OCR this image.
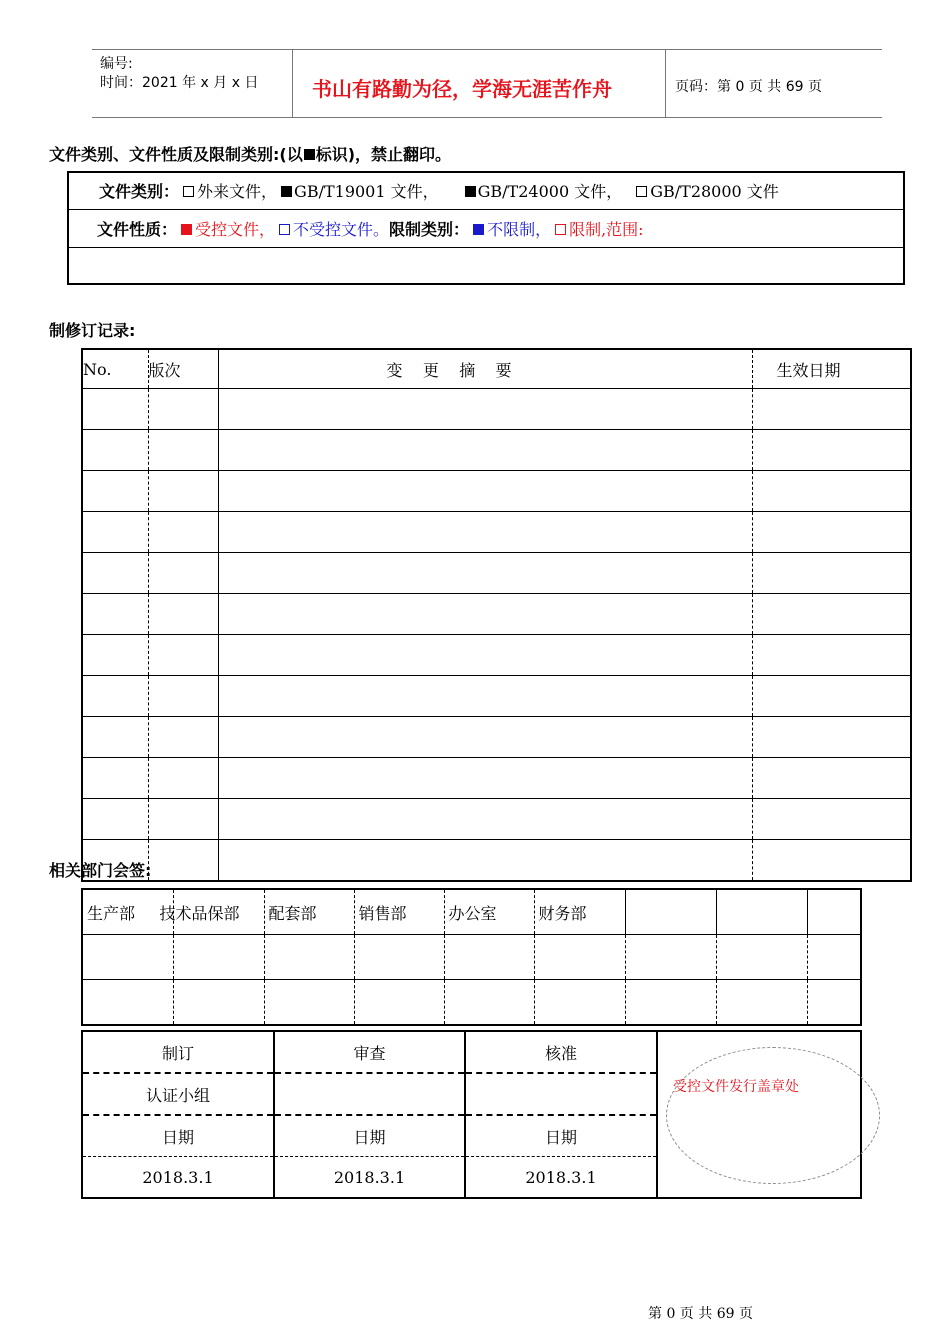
编号:
时间：2021 年 x 月 x 日	书山有路勤为径，学海无涯苦作舟	页码：第 0 页 共 69 页
文件类别、文件性质及限制类别:(以 标识)，禁止翻印。
文件类别： 外来文件， GB/T19001 文件， GB/T24000 文件， GB/T28000 文件
文件性质： 受控文件， 不受控文件。限制类别： 不限制， 限制,范围:
制修订记录:
No.	版次	变    更    摘    要	生效日期

相关部门会签:
生产部	技术品保部	配套部	销售部	办公室	财务部			

制订	审查	核准	
认证小组			
日期	日期	日期	
2018.3.1	2018.3.1	2018.3.1	
受控文件发行盖章处
第 0 页 共 69 页
